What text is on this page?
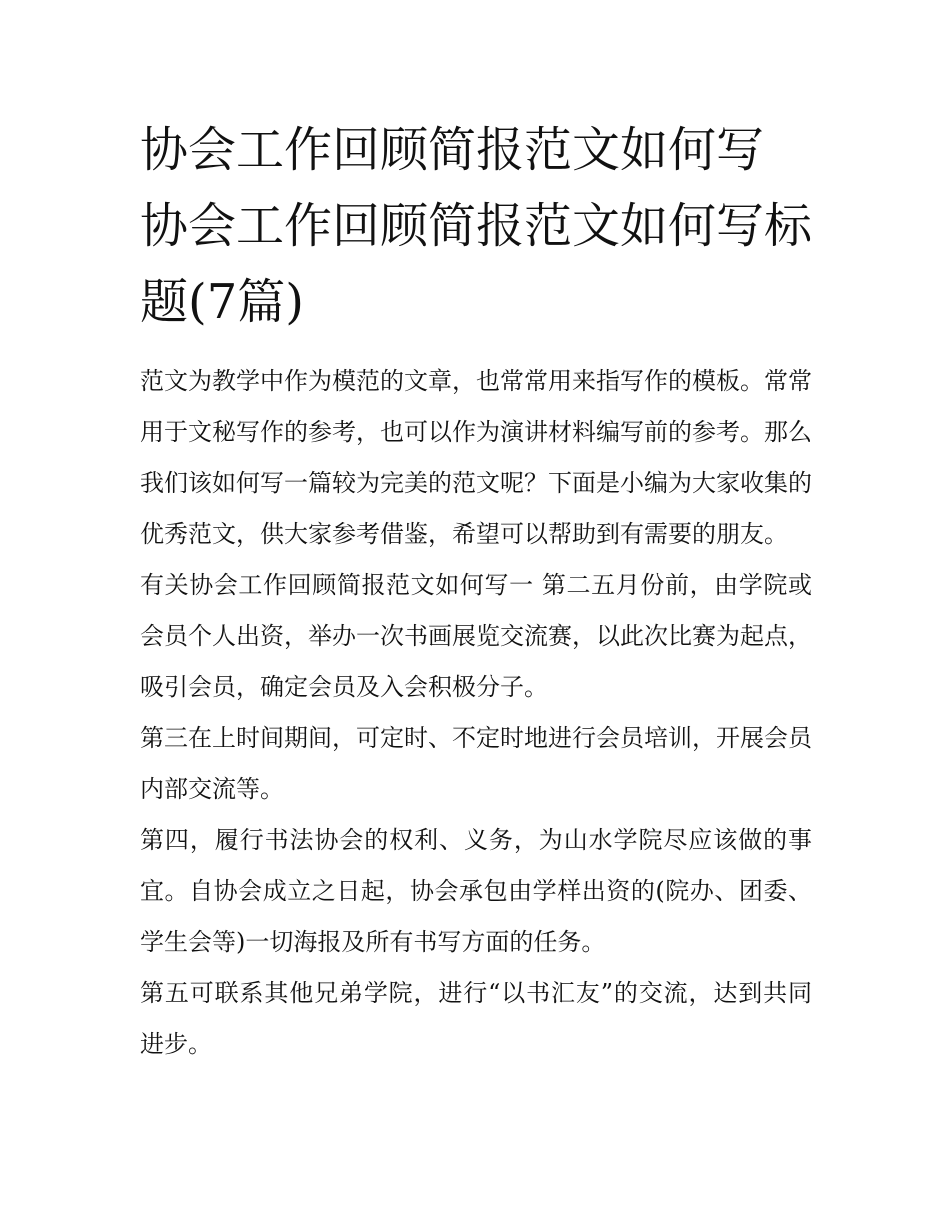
协会工作回顾简报范文如何写 协会工作回顾简报范文如何写标题(7篇)

范文为教学中作为模范的文章，也常常用来指写作的模板。常常用于文秘写作的参考，也可以作为演讲材料编写前的参考。那么我们该如何写一篇较为完美的范文呢？下面是小编为大家收集的优秀范文，供大家参考借鉴，希望可以帮助到有需要的朋友。

有关协会工作回顾简报范文如何写一 第二五月份前，由学院或会员个人出资，举办一次书画展览交流赛，以此次比赛为起点，吸引会员，确定会员及入会积极分子。

第三在上时间期间，可定时、不定时地进行会员培训，开展会员内部交流等。

第四，履行书法协会的权利、义务，为山水学院尽应该做的事宜。自协会成立之日起，协会承包由学样出资的(院办、团委、学生会等)一切海报及所有书写方面的任务。

第五可联系其他兄弟学院，进行“以书汇友”的交流，达到共同进步。
